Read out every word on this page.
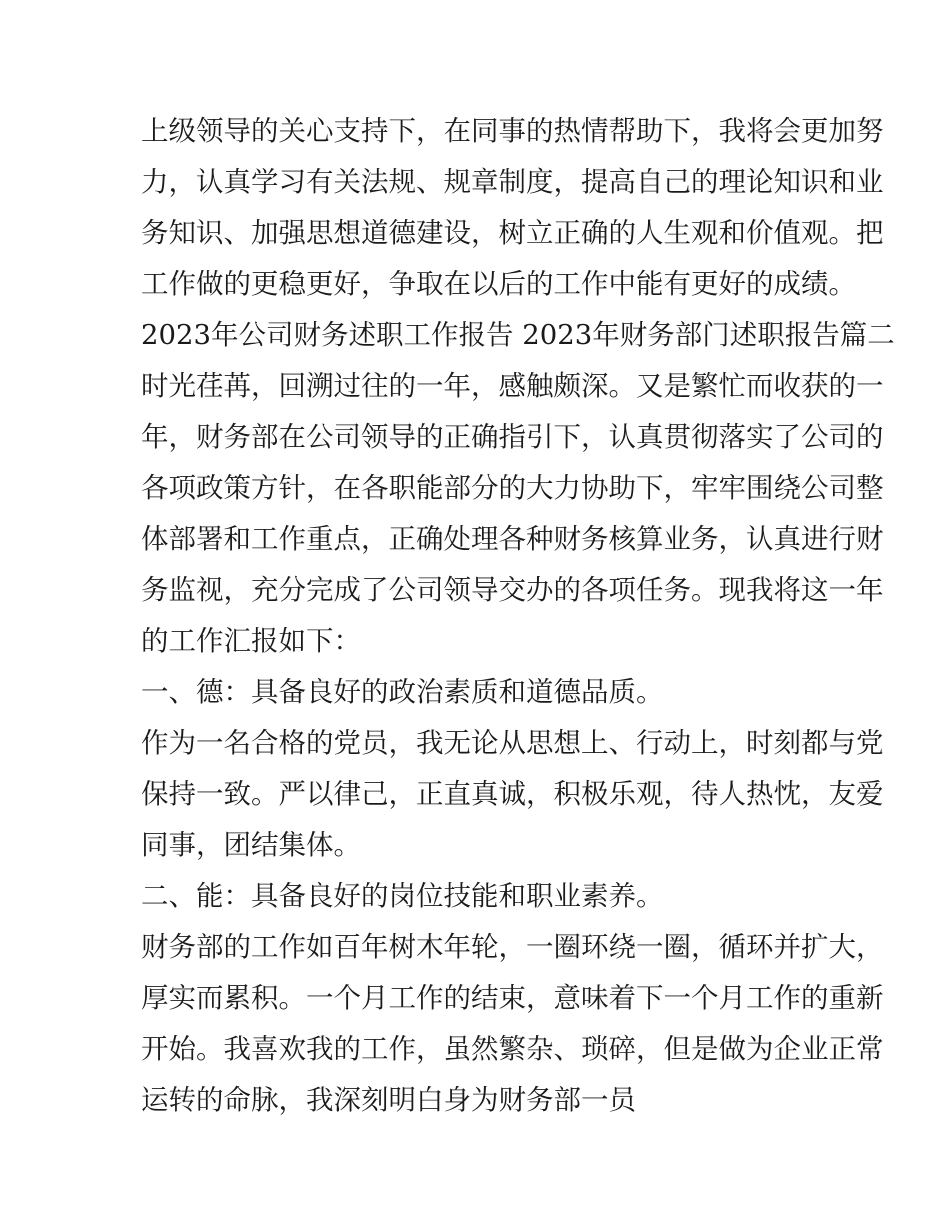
上级领导的关心支持下，在同事的热情帮助下，我将会更加努
力，认真学习有关法规、规章制度，提高自己的理论知识和业
务知识、加强思想道德建设，树立正确的人生观和价值观。把
工作做的更稳更好，争取在以后的工作中能有更好的成绩。
2023年公司财务述职工作报告 2023年财务部门述职报告篇二
时光荏苒，回溯过往的一年，感触颇深。又是繁忙而收获的一
年，财务部在公司领导的正确指引下，认真贯彻落实了公司的
各项政策方针，在各职能部分的大力协助下，牢牢围绕公司整
体部署和工作重点，正确处理各种财务核算业务，认真进行财
务监视，充分完成了公司领导交办的各项任务。现我将这一年
的工作汇报如下：
一、德：具备良好的政治素质和道德品质。
作为一名合格的党员，我无论从思想上、行动上，时刻都与党
保持一致。严以律己，正直真诚，积极乐观，待人热忱，友爱
同事，团结集体。
二、能：具备良好的岗位技能和职业素养。
财务部的工作如百年树木年轮，一圈环绕一圈，循环并扩大，
厚实而累积。一个月工作的结束，意味着下一个月工作的重新
开始。我喜欢我的工作，虽然繁杂、琐碎，但是做为企业正常
运转的命脉，我深刻明白身为财务部一员
